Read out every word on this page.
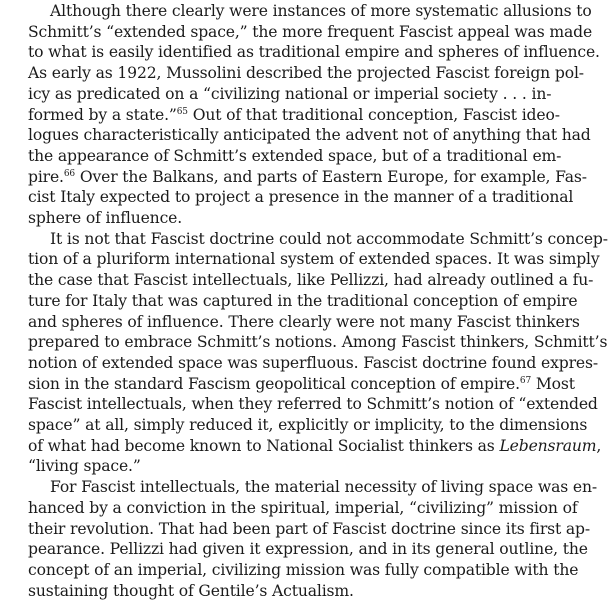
Although there clearly were instances of more systematic allusions to
Schmitt’s “extended space,” the more frequent Fascist appeal was made
to what is easily identified as traditional empire and spheres of influence.
As early as 1922, Mussolini described the projected Fascist foreign pol-
icy as predicated on a “civilizing national or imperial society . . . in-
formed by a state.”$^{65}$ Out of that traditional conception, Fascist ideo-
logues characteristically anticipated the advent not of anything that had
the appearance of Schmitt’s extended space, but of a traditional em-
pire.$^{66}$ Over the Balkans, and parts of Eastern Europe, for example, Fas-
cist Italy expected to project a presence in the manner of a traditional
sphere of influence.

It is not that Fascist doctrine could not accommodate Schmitt’s concep-
tion of a pluriform international system of extended spaces. It was simply
the case that Fascist intellectuals, like Pellizzi, had already outlined a fu-
ture for Italy that was captured in the traditional conception of empire
and spheres of influence. There clearly were not many Fascist thinkers
prepared to embrace Schmitt’s notions. Among Fascist thinkers, Schmitt’s
notion of extended space was superfluous. Fascist doctrine found expres-
sion in the standard Fascism geopolitical conception of empire.$^{67}$ Most
Fascist intellectuals, when they referred to Schmitt’s notion of “extended
space” at all, simply reduced it, explicitly or implicity, to the dimensions
of what had become known to National Socialist thinkers as Lebensraum,
“living space.”

For Fascist intellectuals, the material necessity of living space was en-
hanced by a conviction in the spiritual, imperial, “civilizing” mission of
their revolution. That had been part of Fascist doctrine since its first ap-
pearance. Pellizzi had given it expression, and in its general outline, the
concept of an imperial, civilizing mission was fully compatible with the
sustaining thought of Gentile’s Actualism.
